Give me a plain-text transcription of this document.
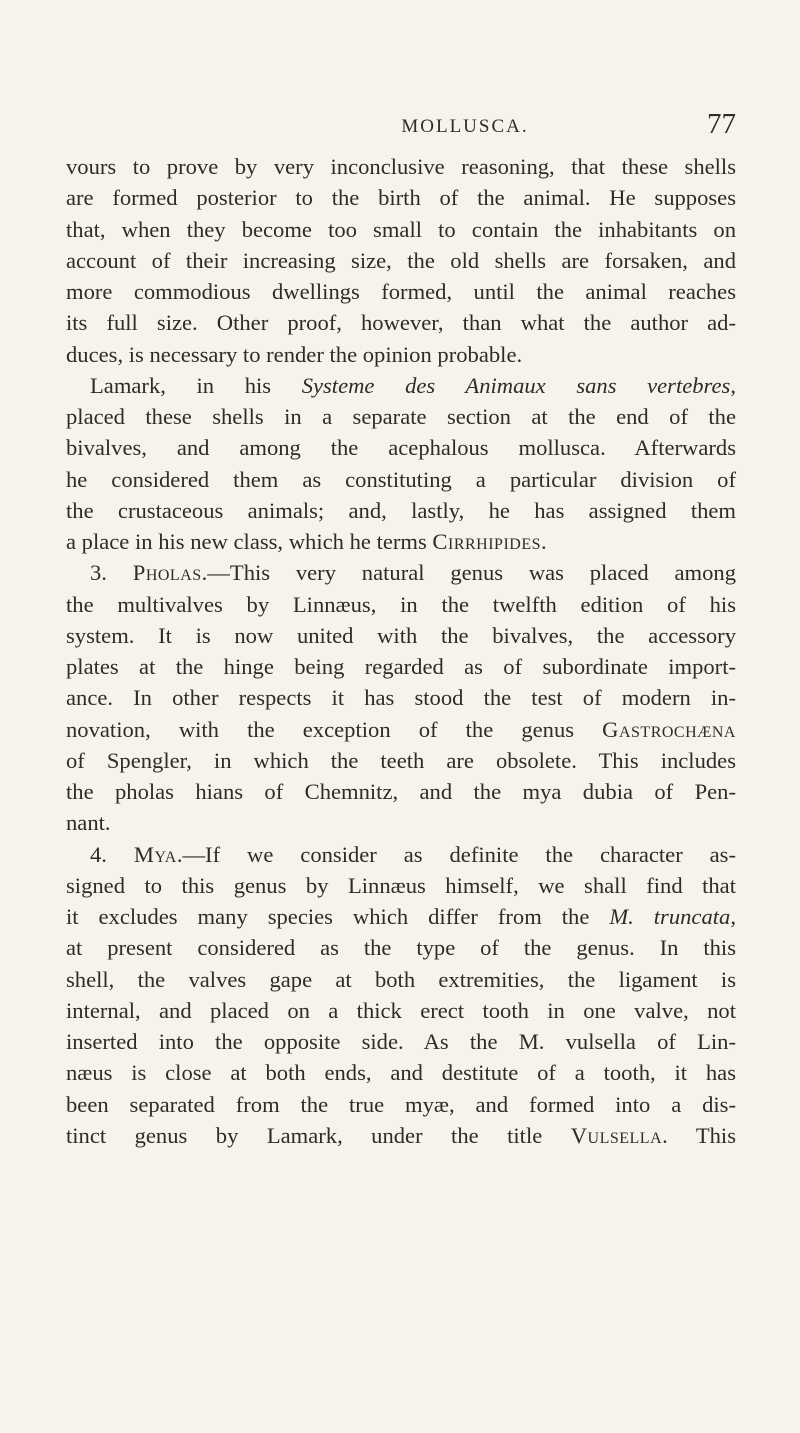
MOLLUSCA.	77
vours to prove by very inconclusive reasoning, that these shells
are formed posterior to the birth of the animal. He supposes
that, when they become too small to contain the inhabitants on
account of their increasing size, the old shells are forsaken, and
more commodious dwellings formed, until the animal reaches
its full size. Other proof, however, than what the author ad-
duces, is necessary to render the opinion probable.
Lamark, in his Systeme des Animaux sans vertebres,
placed these shells in a separate section at the end of the
bivalves, and among the acephalous mollusca. Afterwards
he considered them as constituting a particular division of
the crustaceous animals; and, lastly, he has assigned them
a place in his new class, which he terms Cirrhipides.
3. Pholas.—This very natural genus was placed among
the multivalves by Linnæus, in the twelfth edition of his
system. It is now united with the bivalves, the accessory
plates at the hinge being regarded as of subordinate import-
ance. In other respects it has stood the test of modern in-
novation, with the exception of the genus Gastrochæna
of Spengler, in which the teeth are obsolete. This includes
the pholas hians of Chemnitz, and the mya dubia of Pen-
nant.
4. Mya.—If we consider as definite the character as-
signed to this genus by Linnæus himself, we shall find that
it excludes many species which differ from the M. truncata,
at present considered as the type of the genus. In this
shell, the valves gape at both extremities, the ligament is
internal, and placed on a thick erect tooth in one valve, not
inserted into the opposite side. As the M. vulsella of Lin-
næus is close at both ends, and destitute of a tooth, it has
been separated from the true myæ, and formed into a dis-
tinct genus by Lamark, under the title Vulsella. This
